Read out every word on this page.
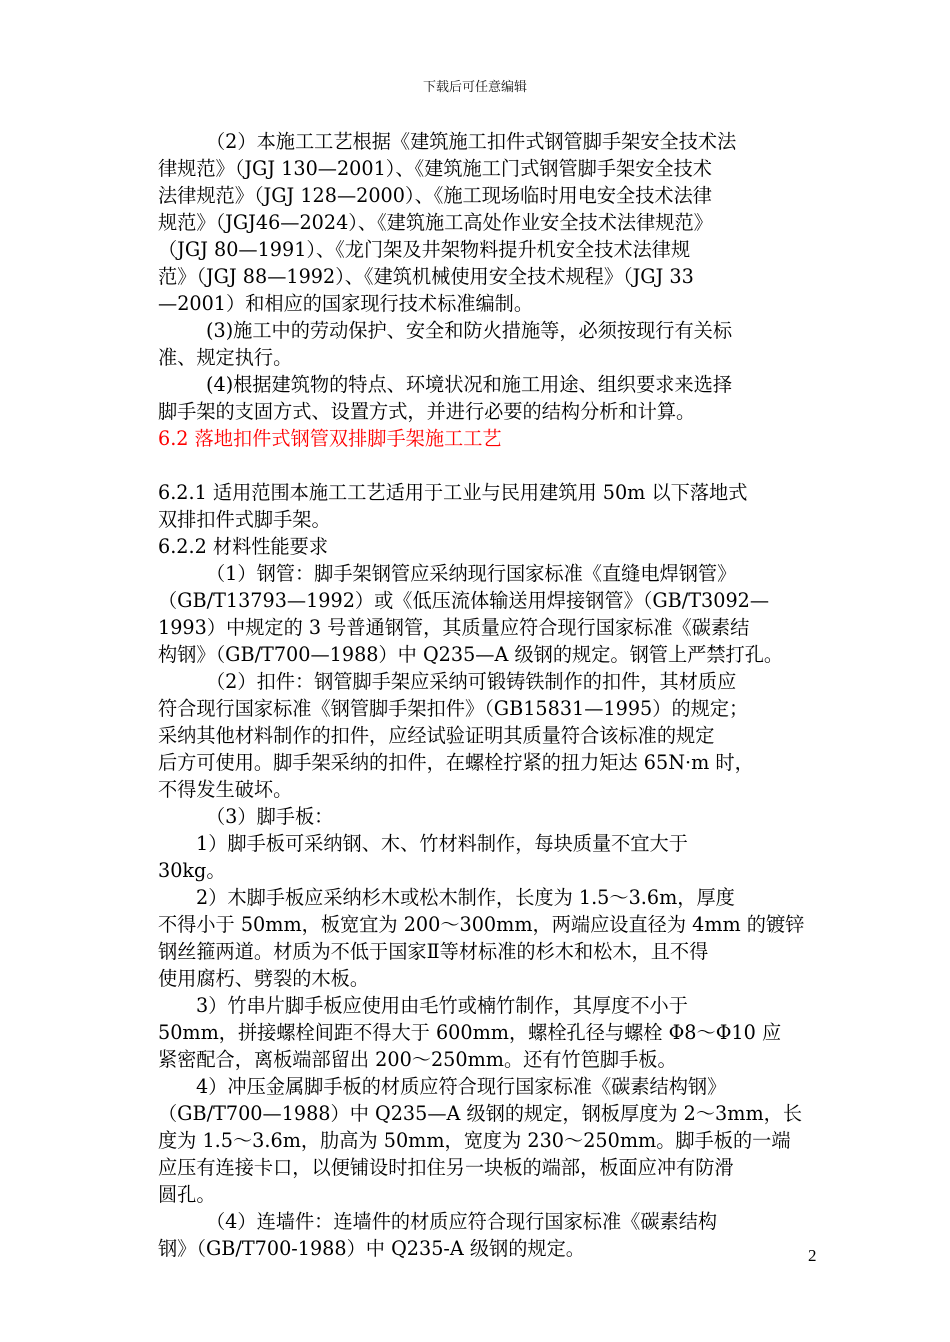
下载后可任意编辑
（2）本施工工艺根据《建筑施工扣件式钢管脚手架安全技术法
律规范》（JGJ 130—2001）、《建筑施工门式钢管脚手架安全技术
法律规范》（JGJ 128—2000）、《施工现场临时用电安全技术法律
规范》（JGJ46—2024）、《建筑施工高处作业安全技术法律规范》
（JGJ 80—1991）、《龙门架及井架物料提升机安全技术法律规
范》（JGJ 88—1992）、《建筑机械使用安全技术规程》（JGJ 33
—2001）和相应的国家现行技术标准编制。
(3)施工中的劳动保护、安全和防火措施等，必须按现行有关标
准、规定执行。
(4)根据建筑物的特点、环境状况和施工用途、组织要求来选择
脚手架的支固方式、设置方式，并进行必要的结构分析和计算。
6.2 落地扣件式钢管双排脚手架施工工艺
6.2.1 适用范围本施工工艺适用于工业与民用建筑用 50m 以下落地式
双排扣件式脚手架。
6.2.2 材料性能要求
（1）钢管：脚手架钢管应采纳现行国家标准《直缝电焊钢管》
（GB/T13793—1992）或《低压流体输送用焊接钢管》（GB/T3092—
1993）中规定的 3 号普通钢管，其质量应符合现行国家标准《碳素结
构钢》（GB/T700—1988）中 Q235—A 级钢的规定。钢管上严禁打孔。
（2）扣件：钢管脚手架应采纳可锻铸铁制作的扣件，其材质应
符合现行国家标准《钢管脚手架扣件》（GB15831—1995）的规定；
采纳其他材料制作的扣件，应经试验证明其质量符合该标准的规定
后方可使用。脚手架采纳的扣件，在螺栓拧紧的扭力矩达 65N·m 时，
不得发生破坏。
（3）脚手板：
1）脚手板可采纳钢、木、竹材料制作，每块质量不宜大于
30kg。
2）木脚手板应采纳杉木或松木制作，长度为 1.5～3.6m，厚度
不得小于 50mm，板宽宜为 200～300mm，两端应设直径为 4mm 的镀锌
钢丝箍两道。材质为不低于国家Ⅱ等材标准的杉木和松木，且不得
使用腐朽、劈裂的木板。
3）竹串片脚手板应使用由毛竹或楠竹制作，其厚度不小于
50mm，拼接螺栓间距不得大于 600mm，螺栓孔径与螺栓 Φ8～Φ10 应
紧密配合，离板端部留出 200～250mm。还有竹笆脚手板。
4）冲压金属脚手板的材质应符合现行国家标准《碳素结构钢》
（GB/T700—1988）中 Q235—A 级钢的规定，钢板厚度为 2～3mm，长
度为 1.5～3.6m，肋高为 50mm，宽度为 230～250mm。脚手板的一端
应压有连接卡口，以便铺设时扣住另一块板的端部，板面应冲有防滑
圆孔。
（4）连墙件：连墙件的材质应符合现行国家标准《碳素结构
钢》（GB/T700-1988）中 Q235-A 级钢的规定。	2
